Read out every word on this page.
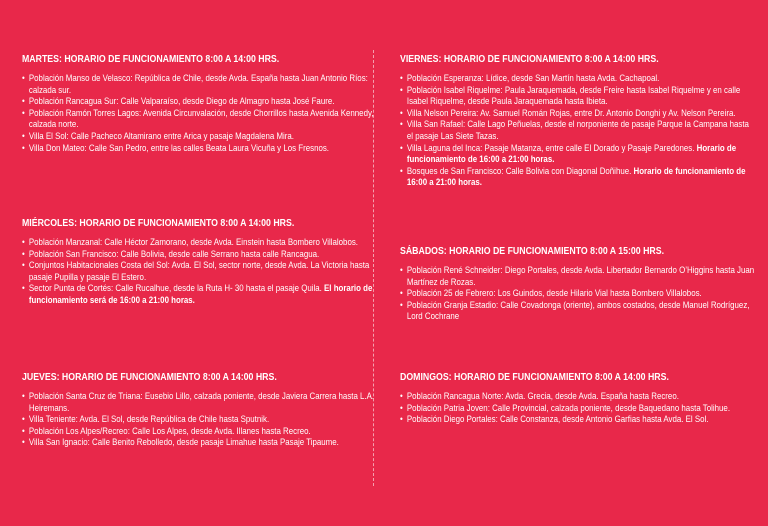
MARTES: HORARIO DE FUNCIONAMIENTO 8:00 A 14:00 HRS.
• Población Manso de Velasco: República de Chile, desde Avda. España hasta Juan Antonio Ríos: calzada sur.
• Población Rancagua Sur: Calle Valparaíso, desde Diego de Almagro hasta José Faure.
• Población Ramón Torres Lagos: Avenida Circunvalación, desde Chorrillos hasta Avenida Kennedy, calzada norte.
• Villa El Sol: Calle Pacheco Altamirano entre Arica y pasaje Magdalena Mira.
• Villa Don Mateo: Calle San Pedro, entre las calles Beata Laura Vicuña y Los Fresnos.
MIÉRCOLES: HORARIO DE FUNCIONAMIENTO 8:00 A 14:00 HRS.
• Población Manzanal: Calle Héctor Zamorano, desde Avda. Einstein hasta Bombero Villalobos.
• Población San Francisco: Calle Bolivia, desde calle Serrano hasta calle Rancagua.
• Conjuntos Habitacionales Costa del Sol: Avda. El Sol, sector norte, desde Avda. La Victoria hasta pasaje Pupilla y pasaje El Estero.
• Sector Punta de Cortés: Calle Rucalhue, desde la Ruta H- 30 hasta el pasaje Quila. El horario de funcionamiento será de 16:00 a 21:00 horas.
JUEVES: HORARIO DE FUNCIONAMIENTO 8:00 A 14:00 HRS.
• Población Santa Cruz de Triana: Eusebio Lillo, calzada poniente, desde Javiera Carrera hasta L.A. Heiremans.
• Villa Teniente: Avda. El Sol, desde República de Chile hasta Sputnik.
• Población Los Alpes/Recreo: Calle Los Alpes, desde Avda. Illanes hasta Recreo.
• Villa San Ignacio: Calle Benito Rebolledo, desde pasaje Limahue hasta Pasaje Tipaume.
VIERNES: HORARIO DE FUNCIONAMIENTO 8:00 A 14:00 HRS.
• Población Esperanza: Lídice, desde San Martín hasta Avda. Cachapoal.
• Población Isabel Riquelme: Paula Jaraquemada, desde Freire hasta Isabel Riquelme y en calle Isabel Riquelme, desde Paula Jaraquemada hasta Ibieta.
• Villa Nelson Pereira: Av. Samuel Román Rojas, entre Dr. Antonio Donghi y Av. Nelson Pereira.
• Villa San Rafael: Calle Lago Peñuelas, desde el norponiente de pasaje Parque la Campana hasta el pasaje Las Siete Tazas.
• Villa Laguna del Inca: Pasaje Matanza, entre calle El Dorado y Pasaje Paredones. Horario de funcionamiento de 16:00 a 21:00 horas.
• Bosques de San Francisco: Calle Bolivia con Diagonal Doñihue. Horario de funcionamiento de 16:00 a 21:00 horas.
SÁBADOS: HORARIO DE FUNCIONAMIENTO 8:00 A 15:00 HRS.
• Población René Schneider: Diego Portales, desde Avda. Libertador Bernardo O’Higgins hasta Juan Martínez de Rozas.
• Población 25 de Febrero: Los Guindos, desde Hilario Vial hasta Bombero Villalobos.
• Población Granja Estadio: Calle Covadonga (oriente), ambos costados, desde Manuel Rodríguez, Lord Cochrane
DOMINGOS: HORARIO DE FUNCIONAMIENTO 8:00 A 14:00 HRS.
• Población Rancagua Norte: Avda. Grecia, desde Avda. España hasta Recreo.
• Población Patria Joven: Calle Provincial, calzada poniente, desde Baquedano hasta Tolihue.
• Población Diego Portales: Calle Constanza, desde Antonio Garfias hasta Avda. El Sol.
